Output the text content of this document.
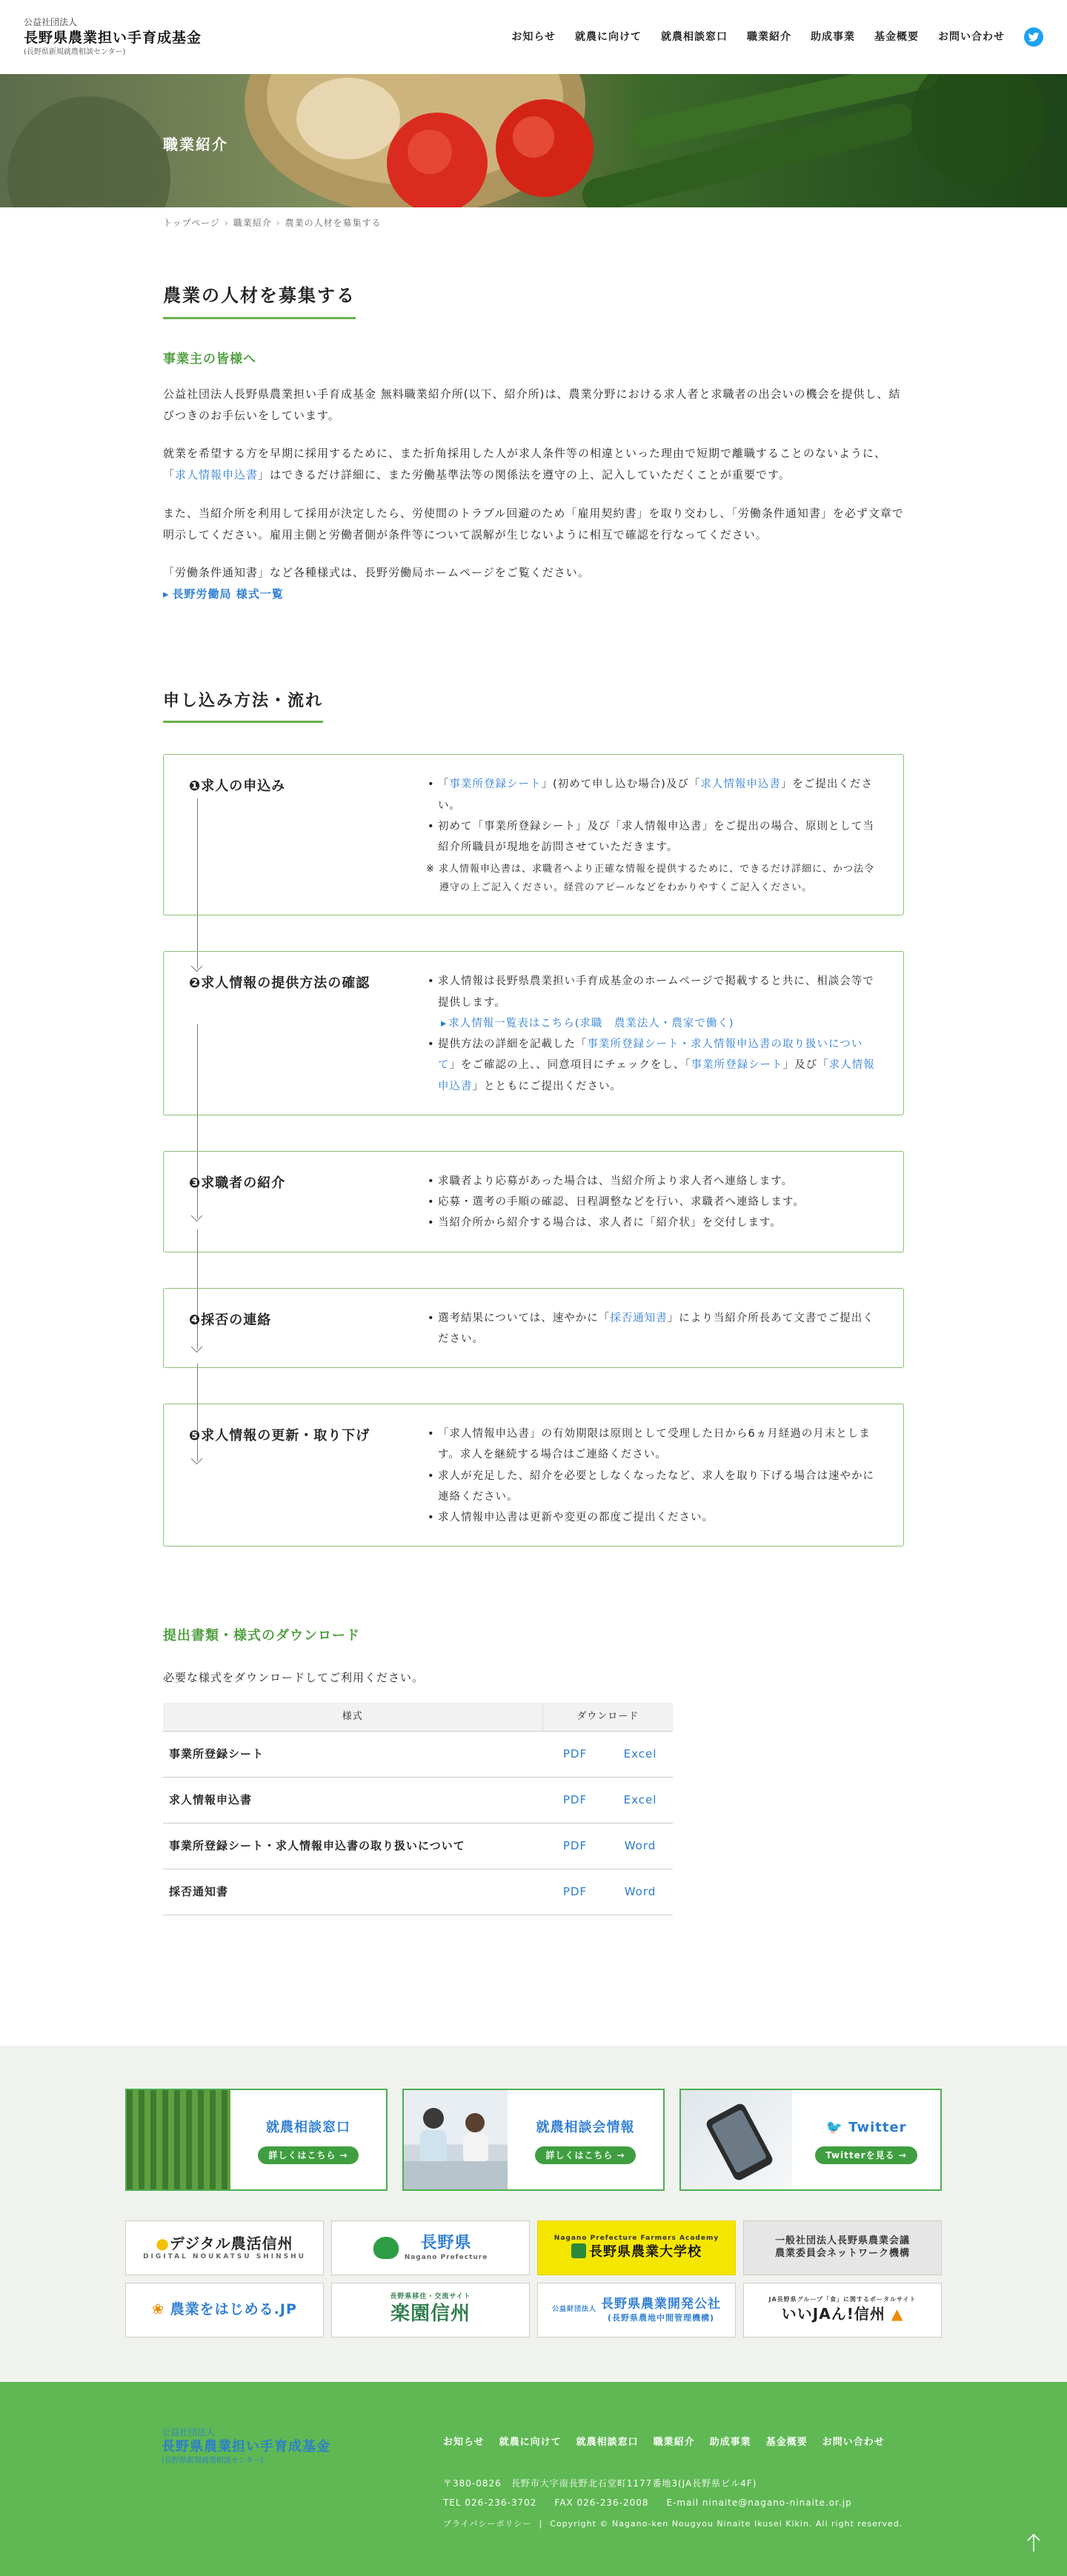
公益社団法人
長野県農業担い手育成基金
(長野県新規就農相談センター)
お知らせ 就農に向けて 就農相談窓口 職業紹介 助成事業 基金概要 お問い合わせ
職業紹介
トップページ › 職業紹介 › 農業の人材を募集する
農業の人材を募集する
事業主の皆様へ

公益社団法人長野県農業担い手育成基金 無料職業紹介所(以下、紹介所)は、農業分野における求人者と求職者の出会いの機会を提供し、結びつきのお手伝いをしています。

就業を希望する方を早期に採用するために、また折角採用した人が求人条件等の相違といった理由で短期で離職することのないように、「求人情報申込書」はできるだけ詳細に、また労働基準法等の関係法を遵守の上、記入していただくことが重要です。

また、当紹介所を利用して採用が決定したら、労使間のトラブル回避のため「雇用契約書」を取り交わし、「労働条件通知書」を必ず文章で明示してください。雇用主側と労働者側が条件等について誤解が生じないように相互で確認を行なってください。

「労働条件通知書」など各種様式は、長野労働局ホームページをご覧ください。
▸ 長野労働局 様式一覧

申し込み方法・流れ
❶求人の申込み	• 「事業所登録シート」(初めて申し込む場合)及び「求人情報申込書」をご提出ください。
• 初めて「事業所登録シート」及び「求人情報申込書」をご提出の場合、原則として当紹介所職員が現地を訪問させていただきます。

※ 求人情報申込書は、求職者へより正確な情報を提供するために、できるだけ詳細に、かつ法令遵守の上ご記入ください。経営のアピールなどをわかりやすくご記入ください。

❷求人情報の提供方法の確認	• 求人情報は長野県農業担い手育成基金のホームページで掲載すると共に、相談会等で提供します。
▸ 求人情報一覧表はこちら(求職　農業法人・農家で働く)
• 提供方法の詳細を記載した「事業所登録シート・求人情報申込書の取り扱いについて」をご確認の上、、同意項目にチェックをし、「事業所登録シート」及び「求人情報申込書」とともにご提出ください。
❸求職者の紹介	• 求職者より応募があった場合は、当紹介所より求人者へ連絡します。
• 応募・選考の手順の確認、日程調整などを行い、求職者へ連絡します。
• 当紹介所から紹介する場合は、求人者に「紹介状」を交付します。
❹採否の連絡	• 選考結果については、速やかに「採否通知書」により当紹介所長あて文書でご提出ください。
❺求人情報の更新・取り下げ	• 「求人情報申込書」の有効期限は原則として受理した日から6ヵ月経過の月末とします。求人を継続する場合はご連絡ください。
• 求人が充足した、紹介を必要としなくなったなど、求人を取り下げる場合は速やかに連絡ください。
• 求人情報申込書は更新や変更の都度ご提出ください。
提出書類・様式のダウンロード

必要な様式をダウンロードしてご利用ください。

様式	ダウンロード	
事業所登録シート	PDF	Excel
求人情報申込書	PDF	Excel
事業所登録シート・求人情報申込書の取り扱いについて	PDF	Word
採否通知書	PDF	Word
就農相談窓口
詳しくはこちら →
就農相談会情報
詳しくはこちら →
🐦 Twitter
Twitterを見る →
●デジタル農活信州
DIGITAL NOUKATSU SHINSHU
長野県
Nagano Prefecture
Nagano Prefecture Farmers Academy
長野県農業大学校
一般社団法人長野県農業会議
農業委員会ネットワーク機構
❀ 農業をはじめる.JP
長野県移住・交流サイト
楽園信州	公益財団法人 長野県農業開発公社
(長野県農地中間管理機構)
JA長野県グループ「食」に関するポータルサイト
いいJAん!信州 ▲
公益社団法人
長野県農業担い手育成基金
(長野県新規就農相談センター)
お知らせ 就農に向けて 就農相談窓口 職業紹介 助成事業 基金概要 お問い合わせ
〒380-0826　長野市大字南長野北石堂町1177番地3(JA長野県ビル4F)
TEL 026-236-3702 FAX 026-236-2008 E-mail ninaite@nagano-ninaite.or.jp
プライバシーポリシー | Copyright © Nagano-ken Nougyou Ninaite Ikusei Kikin. All right reserved.
